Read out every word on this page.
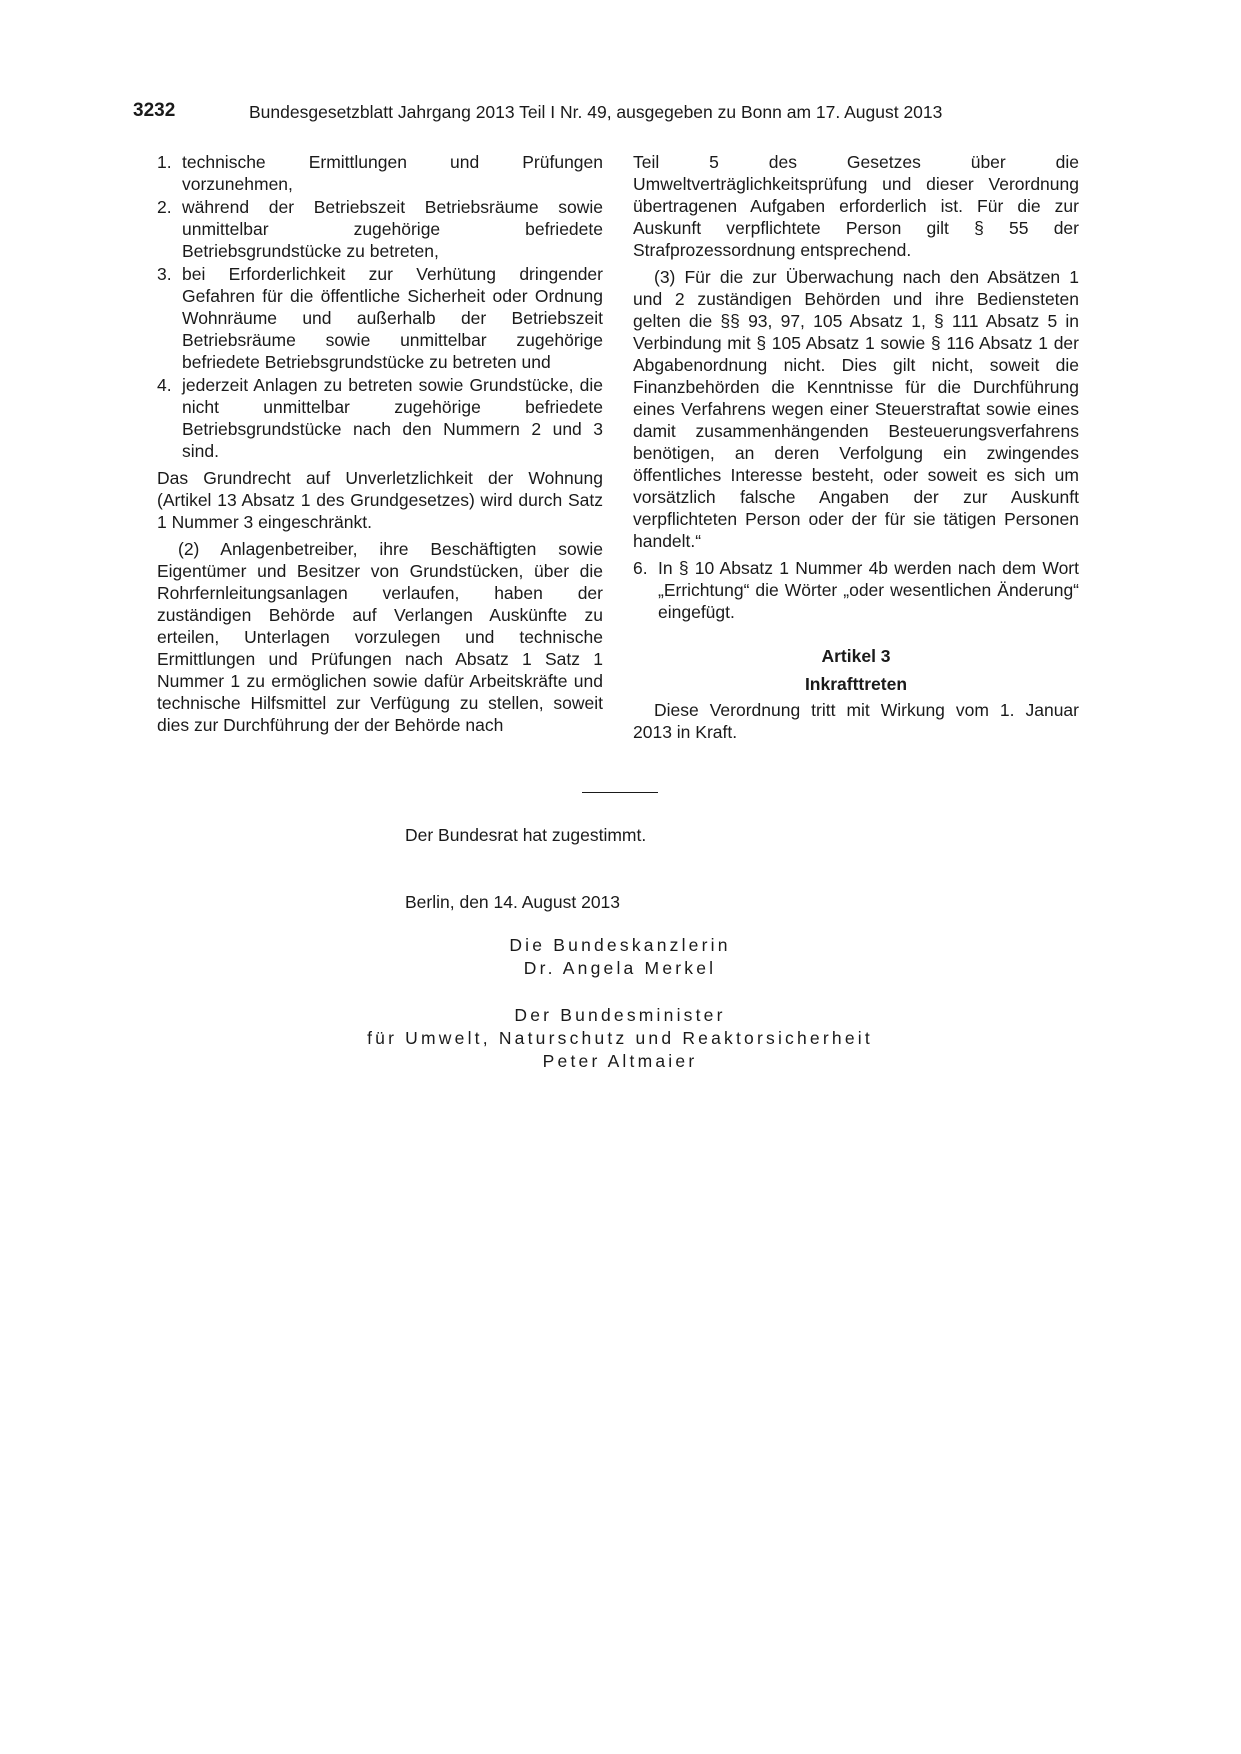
3232	Bundesgesetzblatt Jahrgang 2013 Teil I Nr. 49, ausgegeben zu Bonn am 17. August 2013
1. technische Ermittlungen und Prüfungen vorzunehmen,
2. während der Betriebszeit Betriebsräume sowie unmittelbar zugehörige befriedete Betriebsgrundstücke zu betreten,
3. bei Erforderlichkeit zur Verhütung dringender Gefahren für die öffentliche Sicherheit oder Ordnung Wohnräume und außerhalb der Betriebszeit Betriebsräume sowie unmittelbar zugehörige befriedete Betriebsgrundstücke zu betreten und
4. jederzeit Anlagen zu betreten sowie Grundstücke, die nicht unmittelbar zugehörige befriedete Betriebsgrundstücke nach den Nummern 2 und 3 sind.

Das Grundrecht auf Unverletzlichkeit der Wohnung (Artikel 13 Absatz 1 des Grundgesetzes) wird durch Satz 1 Nummer 3 eingeschränkt.

(2) Anlagenbetreiber, ihre Beschäftigten sowie Eigentümer und Besitzer von Grundstücken, über die Rohrfernleitungsanlagen verlaufen, haben der zuständigen Behörde auf Verlangen Auskünfte zu erteilen, Unterlagen vorzulegen und technische Ermittlungen und Prüfungen nach Absatz 1 Satz 1 Nummer 1 zu ermöglichen sowie dafür Arbeitskräfte und technische Hilfsmittel zur Verfügung zu stellen, soweit dies zur Durchführung der der Behörde nach

Teil 5 des Gesetzes über die Umweltverträglichkeitsprüfung und dieser Verordnung übertragenen Aufgaben erforderlich ist. Für die zur Auskunft verpflichtete Person gilt § 55 der Strafprozessordnung entsprechend.

(3) Für die zur Überwachung nach den Absätzen 1 und 2 zuständigen Behörden und ihre Bediensteten gelten die §§ 93, 97, 105 Absatz 1, § 111 Absatz 5 in Verbindung mit § 105 Absatz 1 sowie § 116 Absatz 1 der Abgabenordnung nicht. Dies gilt nicht, soweit die Finanzbehörden die Kenntnisse für die Durchführung eines Verfahrens wegen einer Steuerstraftat sowie eines damit zusammenhängenden Besteuerungsverfahrens benötigen, an deren Verfolgung ein zwingendes öffentliches Interesse besteht, oder soweit es sich um vorsätzlich falsche Angaben der zur Auskunft verpflichteten Person oder der für sie tätigen Personen handelt.“

6. In § 10 Absatz 1 Nummer 4b werden nach dem Wort „Errichtung“ die Wörter „oder wesentlichen Änderung“ eingefügt.
Artikel 3
Inkrafttreten

Diese Verordnung tritt mit Wirkung vom 1. Januar 2013 in Kraft.

Der Bundesrat hat zugestimmt.
Berlin, den 14. August 2013
Die Bundeskanzlerin
Dr. Angela Merkel
Der Bundesminister
für Umwelt, Naturschutz und Reaktorsicherheit
Peter Altmaier
